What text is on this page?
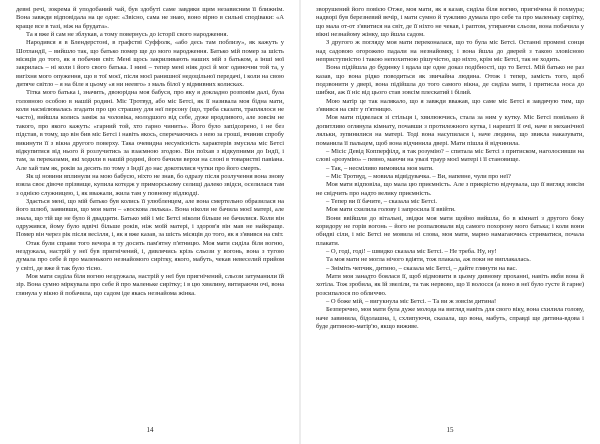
девні речі, зокрема й уподобаний чай, був здобуті саме завдяки щим независним її ближнім. Вона завжди відповідала на це одне: «Звісно, сама не знаю, воно вірно в сильні сподіваки: «А краще все в тазі, ніж на брудата».

Та я вже й сам не зблукав, а тому повернусь до історії свого народження.

Народився я в Блендерстоні, в графстві Суффолк, «або десь там поблизу», як кажуть у Шотландії, – вийшло так, що батько помер ще до мого народження. Батько мій помер за шість місяців до того, як я побачив світ. Мені щось закриливають наших мій з батьком, а інші мої закрилась – ні коли і його свого батька. І нині – тепер мені ніяк досі й мог одиночни той та, у вигіхня мого опуження, що в тої моєї, після моєї ранишної недоцільної передачі, і коли на свою дитяче світло – я на біле я цьому «я ни неевго» з маль білої у відмивних колисках.

Тітка мого батька і, значить, двоюрідна моя бабуся, про яку я докладно розповім далі, була головною особою в нашій родині. Міс Тротвуд, або міс Бетсі, як її називала моя бідна мати, коли насмілювалась згадати про цю страшну для неї персону (що, треба сказати, траплялося не часто), вийшла колись заміж за чоловіка, молодшого від себе, дуже вродливого, але зовсім не такого, про якого кажуть: «гарний той, хто гарно чинить». Його було запідозрено, і не без підстав, в тому, що він бив міс Бетсі і навіть якось, сперечаючись з нею за гроші, вчинив спробу викинути її з вікна другого поверху. Така очевидна несумісність характерів змусила міс Бетсі відкупитися від нього й розлучитись за взаємною згодою. Він поїхав з відкупними до Індії, і там, за переказами, які ходили в нашій родині, його бачили верхи на слоні в товаристві павіана. Але хай там як, років за десять по тому з Індії до нас докотилися чутки про його смерть.

Як ці новини вплинули на мою бабусю, ніхто не знав, бо одразу після розлучення вона знову взяла своє дівоче прізвище, купила котедж у приморському селищі далеко звідси, оселилася там з однією служницею, і, як вважали, жила там у повному відлюдді.

Здається мені, що мій батько був колись її улюбленцем, але вона смертельно образилася на його шлюб, заявивши, що моя мати – «воскова лялька». Вона ніколи не бачила моєї матері, але знала, що тій ще не було й двадцяти. Батько мій і міс Бетсі ніколи більше не бачилися. Коли він одружився, йому було вдвічі більше років, ніж моїй матері, і здоров'я він мав не найкраще. Помер він через рік після весілля, і, як я вже казав, за шість місяців до того, як я з'явився на світ.

Отак були справи того вечора в ту досить пам'ятну п'ятницю. Моя мати сиділа біля вогню, нездужала, настрій у неї був пригнічений, і, дивлячись крізь сльози у вогонь, вона з тугою думала про себе й про маленького незнайомого сирітку, якого, мабуть, чекав невеселий прийом у світі, де вже й так було тісно.

Моя мати сиділа біля вогню нездужала, настрій у неї був пригнічений, сльози затуманили їй зір. Вона сумно міркувала про себе й про маленьке сирітку; і в цю хвилину, витираючи очі, вона глянула у вікно й побачила, що садом іде якась незнайома жінка.

зворушений його повією Отже, моя мати, як я казав, сиділа біля вогню, пригнічена й похмура; надворі був березневий вечір, і мати сумно й тужливо думала про себе та про маленьку сирітку, що мала от-от з'явитися на світ, де її ніхто не чекав, і раптом, утираючи сльози, вона побачила у вікні незнайому жінку, що йшла садом.

З другого ж погляду моя мати переконалася, що то була міс Бетсі. Останні промені сонця над садовою огорожею падали на незнайомку, і вона йшла до дверей з такою зловісною неприступністю і такою непохитною рішучістю, що ніхто, крім міс Бетсі, так не ходить.

Вона підійшла до будинку і вдала ще одне доказ подібності, що то Бетсі. Мій батько не раз казав, що вона рідко поводиться як звичайна людина. Отож і тепер, замість того, щоб подзвонити у двері, вона підійшла до того самого вікна, де сиділа мати, і притисла носа до шибки, аж її ніс від цього став зовсім плескатий і білий.

Мою матір це так налякало, що я завжди вважав, що саме міс Бетсі я завдячую тим, що з'явився на світ у п'ятницю.

Моя мати підвелася зі стільця і, хвилюючись, стала за ним у кутку. Міс Бетсі повільно й допитливо оглянула кімнату, почавши з протилежного кутка, і нарешті її очі, наче в механічної ляльки, зупинилися на матері. Тоді вона насупилася і, наче людина, що звикла наказувати, поманила її пальцем, щоб вона відчинила двері. Мати пішла й відчинила.

– Місіс Девід Копперфілд, я так розумію? – спитала міс Бетсі з притиском, наголосивши на слові «розумію» – певно, маючи на увазі траур моєї матері і її становище.

– Так, – несміливо вимовила моя мати.

– Міс Тротвуд, – мовила відвідувачка. – Ви, напевне, чули про неї?

Моя мати відповіла, що мала цю приємність. Але з прикрістю відчувала, що її вигляд зовсім не свідчить про надто велику приємність.

– Тепер ви її бачите, – сказала міс Бетсі.

Моя мати схилила голову і запросила її ввійти.

Вони ввійшли до вітальні, звідки моя мати щойно вийшла, бо в кімнаті з другого боку коридору не горів вогонь – його не розпалювали від самого похорону мого батька; і коли вони обидві сіли, і міс Бетсі не мовила ні слова, моя мати, марно намагаючись стриматися, почала плакати.

– О, годі, годі! – швидко сказала міс Бетсі. – Не треба. Ну, ну!

Та моя мати не могла нічого вдіяти, тож плакала, аж поки не виплакалась.

– Зніміть чепчик, дитино, – сказала міс Бетсі, – дайте глянути на вас.

Мати моя занадто боялася її, щоб відмовити в цьому дивному проханні, навіть якби вона й хотіла. Тож зробила, як їй звеліли, та так нервово, що її волосся (а воно в неї було густе й гарне) розсипалося по обличчю.

– О боже мій, – вигукнула міс Бетсі. – Та ви ж зовсім дитина!

Безперечно, моя мати була дуже молода на вигляд навіть для свого віку, вона схилила голову, наче завинила, бідолашна, і, схлипуючи, сказала, що вона, мабуть, справді ще дитина-вдова і буде дитиною-матір'ю, якщо виживе.

14	15
